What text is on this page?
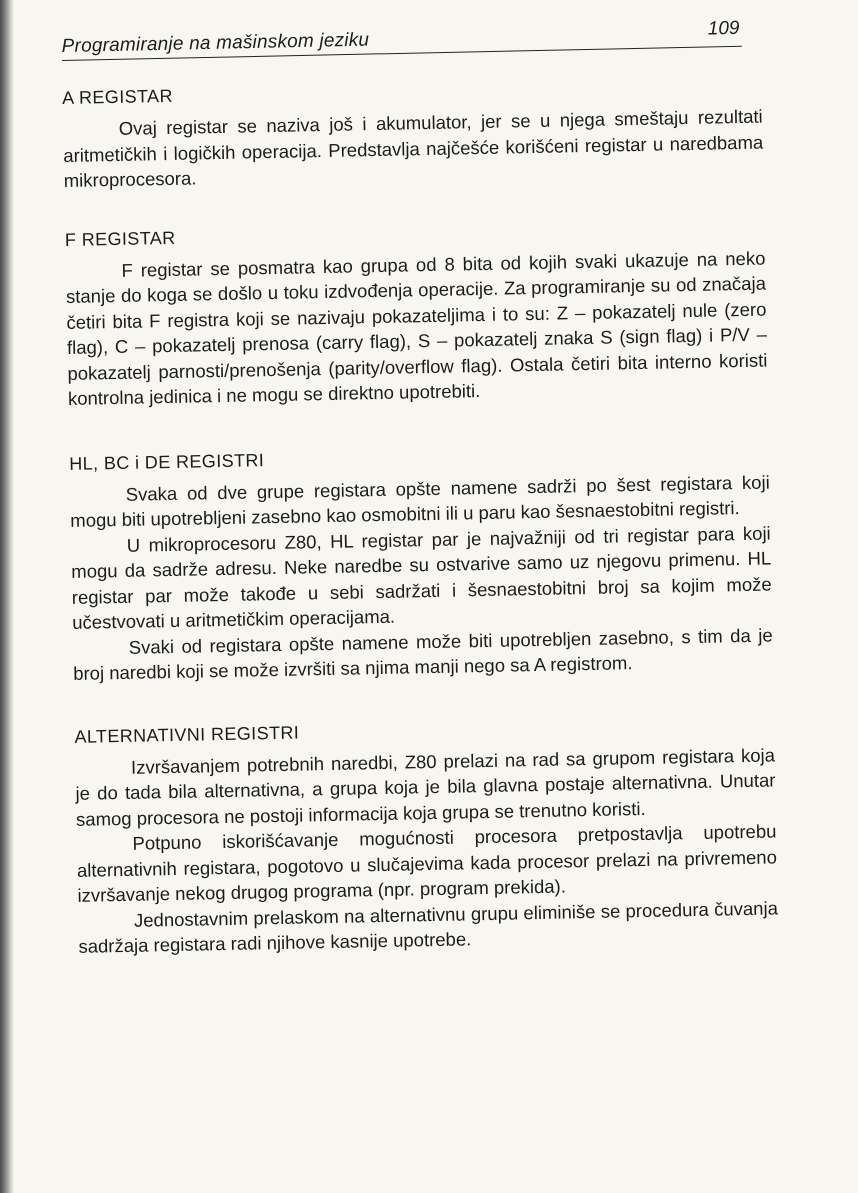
Programiranje na mašinskom jeziku
109
A REGISTAR

Ovaj registar se naziva još i akumulator, jer se u njega smeštaju rezultati aritmetičkih i logičkih operacija. Predstavlja najčešće korišćeni registar u naredbama mikroprocesora.

F REGISTAR

F registar se posmatra kao grupa od 8 bita od kojih svaki ukazuje na neko stanje do koga se došlo u toku izdvođenja operacije. Za programiranje su od značaja četiri bita F registra koji se nazivaju pokazateljima i to su: Z – pokazatelj nule (zero flag), C – pokazatelj prenosa (carry flag), S – pokazatelj znaka S (sign flag) i P/V – pokazatelj parnosti/prenošenja (parity/overflow flag). Ostala četiri bita interno koristi kontrolna jedinica i ne mogu se direktno upotrebiti.

HL, BC i DE REGISTRI

Svaka od dve grupe registara opšte namene sadrži po šest registara koji mogu biti upotrebljeni zasebno kao osmobitni ili u paru kao šesnaestobitni registri.

U mikroprocesoru Z80, HL registar par je najvažniji od tri registar para koji mogu da sadrže adresu. Neke naredbe su ostvarive samo uz njegovu primenu. HL registar par može takođe u sebi sadržati i šesnaestobitni broj sa kojim može učestvovati u aritmetičkim operacijama.

Svaki od registara opšte namene može biti upotrebljen zasebno, s tim da je broj naredbi koji se može izvršiti sa njima manji nego sa A registrom.

ALTERNATIVNI REGISTRI

Izvršavanjem potrebnih naredbi, Z80 prelazi na rad sa grupom registara koja je do tada bila alternativna, a grupa koja je bila glavna postaje alternativna. Unutar samog procesora ne postoji informacija koja grupa se trenutno koristi.

Potpuno iskorišćavanje mogućnosti procesora pretpostavlja upotrebu alternativnih registara, pogotovo u slučajevima kada procesor prelazi na privremeno izvršavanje nekog drugog programa (npr. program prekida).

Jednostavnim prelaskom na alternativnu grupu eliminiše se procedura čuvanja sadržaja registara radi njihove kasnije upotrebe.
